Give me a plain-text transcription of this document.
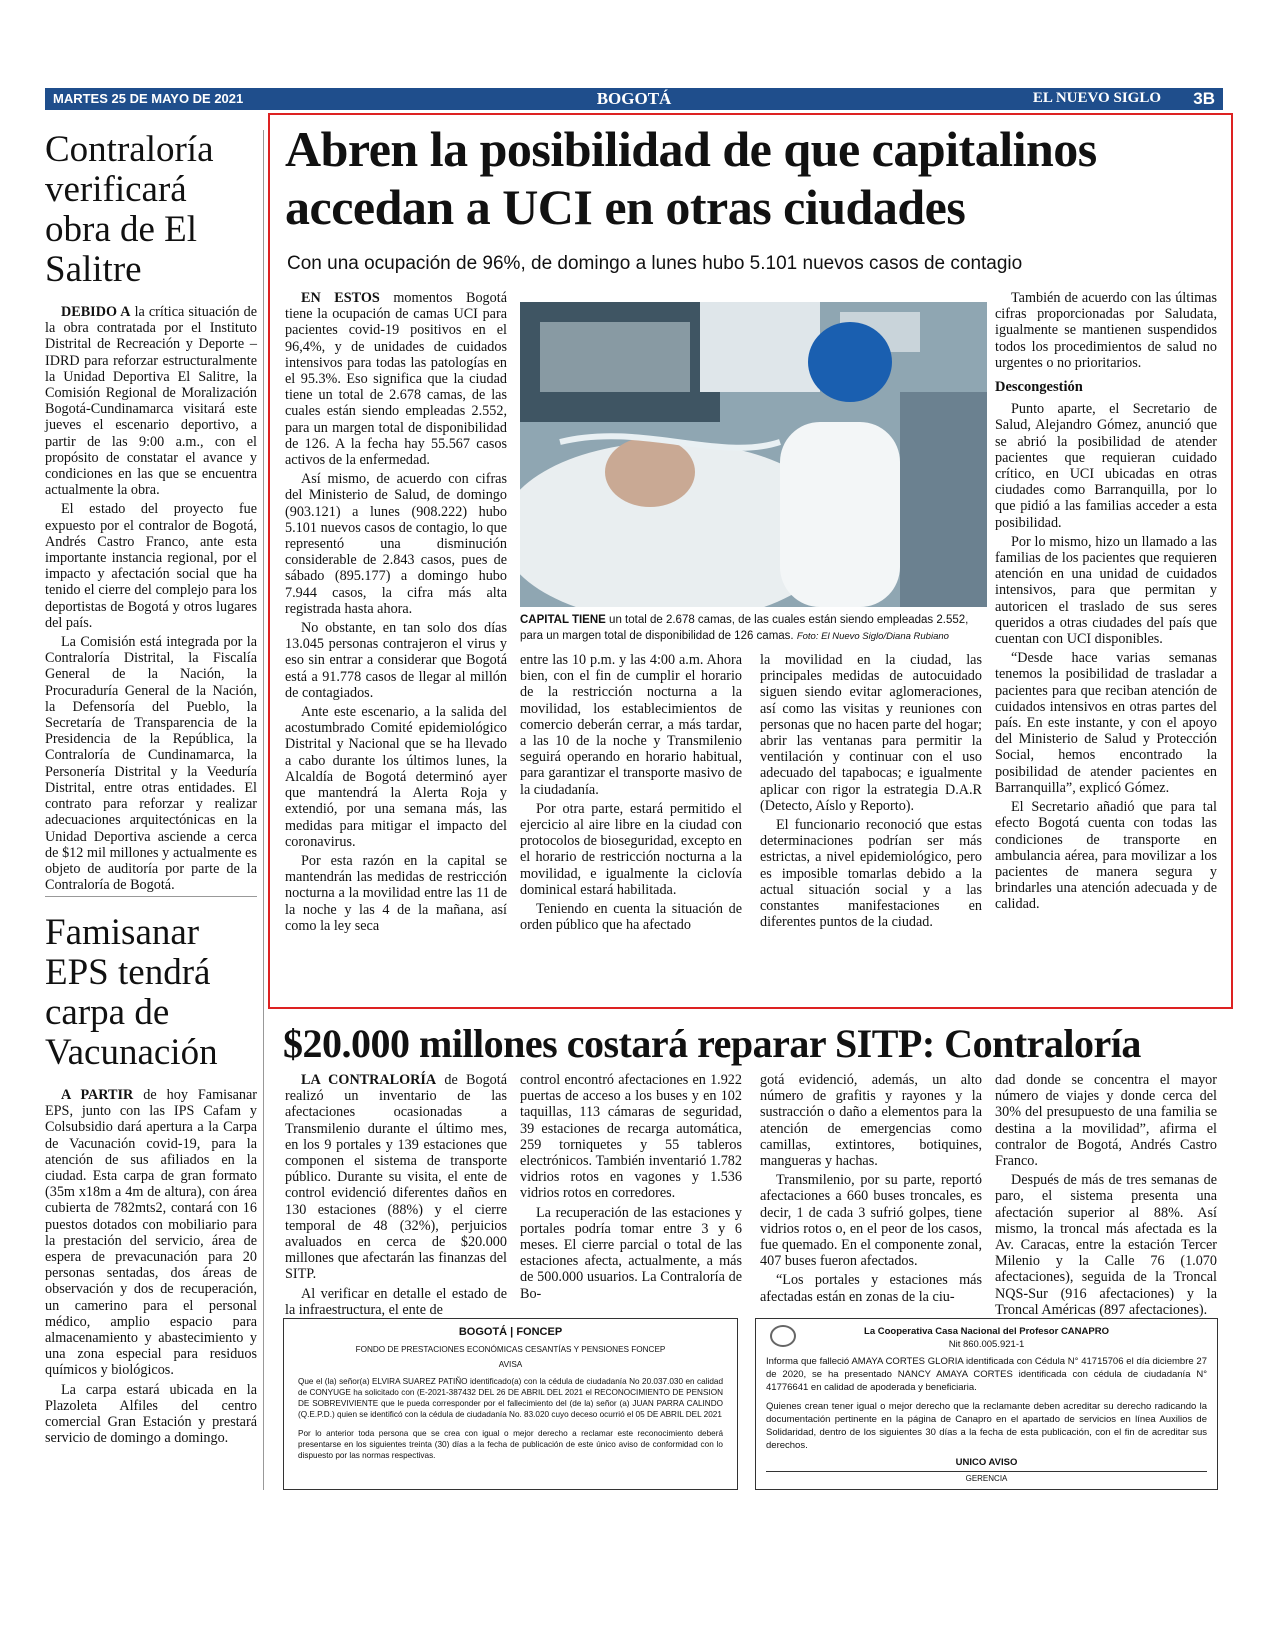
MARTES 25 DE MAYO DE 2021	BOGOTÁ	EL NUEVO SIGLO 3B
Contraloría verificará obra de El Salitre

DEBIDO A la crítica situación de la obra contratada por el Instituto Distrital de Recreación y Deporte – IDRD para reforzar estructuralmente la Unidad Deportiva El Salitre, la Comisión Regional de Moralización Bogotá-Cundinamarca visitará este jueves el escenario deportivo, a partir de las 9:00 a.m., con el propósito de constatar el avance y condiciones en las que se encuentra actualmente la obra.

El estado del proyecto fue expuesto por el contralor de Bogotá, Andrés Castro Franco, ante esta importante instancia regional, por el impacto y afectación social que ha tenido el cierre del complejo para los deportistas de Bogotá y otros lugares del país.

La Comisión está integrada por la Contraloría Distrital, la Fiscalía General de la Nación, la Procuraduría General de la Nación, la Defensoría del Pueblo, la Secretaría de Transparencia de la Presidencia de la República, la Contraloría de Cundinamarca, la Personería Distrital y la Veeduría Distrital, entre otras entidades. El contrato para reforzar y realizar adecuaciones arquitectónicas en la Unidad Deportiva asciende a cerca de $12 mil millones y actualmente es objeto de auditoría por parte de la Contraloría de Bogotá.

Famisanar EPS tendrá carpa de Vacunación

A PARTIR de hoy Famisanar EPS, junto con las IPS Cafam y Colsubsidio dará apertura a la Carpa de Vacunación covid-19, para la atención de sus afiliados en la ciudad. Esta carpa de gran formato (35m x18m a 4m de altura), con área cubierta de 782mts2, contará con 16 puestos dotados con mobiliario para la prestación del servicio, área de espera de prevacunación para 20 personas sentadas, dos áreas de observación y dos de recuperación, un camerino para el personal médico, amplio espacio para almacenamiento y abastecimiento y una zona especial para residuos químicos y biológicos.

La carpa estará ubicada en la Plazoleta Alfiles del centro comercial Gran Estación y prestará servicio de domingo a domingo.

Abren la posibilidad de que capitalinos accedan a UCI en otras ciudades
Con una ocupación de 96%, de domingo a lunes hubo 5.101 nuevos casos de contagio

EN ESTOS momentos Bogotá tiene la ocupación de camas UCI para pacientes covid-19 positivos en el 96,4%, y de unidades de cuidados intensivos para todas las patologías en el 95.3%. Eso significa que la ciudad tiene un total de 2.678 camas, de las cuales están siendo empleadas 2.552, para un margen total de disponibilidad de 126. A la fecha hay 55.567 casos activos de la enfermedad.

Así mismo, de acuerdo con cifras del Ministerio de Salud, de domingo (903.121) a lunes (908.222) hubo 5.101 nuevos casos de contagio, lo que representó una disminución considerable de 2.843 casos, pues de sábado (895.177) a domingo hubo 7.944 casos, la cifra más alta registrada hasta ahora.

No obstante, en tan solo dos días 13.045 personas contrajeron el virus y eso sin entrar a considerar que Bogotá está a 91.778 casos de llegar al millón de contagiados.

Ante este escenario, a la salida del acostumbrado Comité epidemiológico Distrital y Nacional que se ha llevado a cabo durante los últimos lunes, la Alcaldía de Bogotá determinó ayer que mantendrá la Alerta Roja y extendió, por una semana más, las medidas para mitigar el impacto del coronavirus.

Por esta razón en la capital se mantendrán las medidas de restricción nocturna a la movilidad entre las 11 de la noche y las 4 de la mañana, así como la ley seca

CAPITAL TIENE un total de 2.678 camas, de las cuales están siendo empleadas 2.552, para un margen total de disponibilidad de 126 camas. Foto: El Nuevo Siglo/Diana Rubiano

entre las 10 p.m. y las 4:00 a.m. Ahora bien, con el fin de cumplir el horario de la restricción nocturna a la movilidad, los establecimientos de comercio deberán cerrar, a más tardar, a las 10 de la noche y Transmilenio seguirá operando en horario habitual, para garantizar el transporte masivo de la ciudadanía.

Por otra parte, estará permitido el ejercicio al aire libre en la ciudad con protocolos de bioseguridad, excepto en el horario de restricción nocturna a la movilidad, e igualmente la ciclovía dominical estará habilitada.

Teniendo en cuenta la situación de orden público que ha afectado

la movilidad en la ciudad, las principales medidas de autocuidado siguen siendo evitar aglomeraciones, así como las visitas y reuniones con personas que no hacen parte del hogar; abrir las ventanas para permitir la ventilación y continuar con el uso adecuado del tapabocas; e igualmente aplicar con rigor la estrategia D.A.R (Detecto, Aíslo y Reporto).

El funcionario reconoció que estas determinaciones podrían ser más estrictas, a nivel epidemiológico, pero es imposible tomarlas debido a la actual situación social y a las constantes manifestaciones en diferentes puntos de la ciudad.

También de acuerdo con las últimas cifras proporcionadas por Saludata, igualmente se mantienen suspendidos todos los procedimientos de salud no urgentes o no prioritarios.

Descongestión

Punto aparte, el Secretario de Salud, Alejandro Gómez, anunció que se abrió la posibilidad de atender pacientes que requieran cuidado crítico, en UCI ubicadas en otras ciudades como Barranquilla, por lo que pidió a las familias acceder a esta posibilidad.

Por lo mismo, hizo un llamado a las familias de los pacientes que requieren atención en una unidad de cuidados intensivos, para que permitan y autoricen el traslado de sus seres queridos a otras ciudades del país que cuentan con UCI disponibles.

“Desde hace varias semanas tenemos la posibilidad de trasladar a pacientes para que reciban atención de cuidados intensivos en otras partes del país. En este instante, y con el apoyo del Ministerio de Salud y Protección Social, hemos encontrado la posibilidad de atender pacientes en Barranquilla”, explicó Gómez.

El Secretario añadió que para tal efecto Bogotá cuenta con todas las condiciones de transporte en ambulancia aérea, para movilizar a los pacientes de manera segura y brindarles una atención adecuada y de calidad.

$20.000 millones costará reparar SITP: Contraloría

LA CONTRALORÍA de Bogotá realizó un inventario de las afectaciones ocasionadas a Transmilenio durante el último mes, en los 9 portales y 139 estaciones que componen el sistema de transporte público. Durante su visita, el ente de control evidenció diferentes daños en 130 estaciones (88%) y el cierre temporal de 48 (32%), perjuicios avaluados en cerca de $20.000 millones que afectarán las finanzas del SITP.

Al verificar en detalle el estado de la infraestructura, el ente de

control encontró afectaciones en 1.922 puertas de acceso a los buses y en 102 taquillas, 113 cámaras de seguridad, 39 estaciones de recarga automática, 259 torniquetes y 55 tableros electrónicos. También inventarió 1.782 vidrios rotos en vagones y 1.536 vidrios rotos en corredores.

La recuperación de las estaciones y portales podría tomar entre 3 y 6 meses. El cierre parcial o total de las estaciones afecta, actualmente, a más de 500.000 usuarios. La Contraloría de Bo-

gotá evidenció, además, un alto número de grafitis y rayones y la sustracción o daño a elementos para la atención de emergencias como camillas, extintores, botiquines, mangueras y hachas.

Transmilenio, por su parte, reportó afectaciones a 660 buses troncales, es decir, 1 de cada 3 sufrió golpes, tiene vidrios rotos o, en el peor de los casos, fue quemado. En el componente zonal, 407 buses fueron afectados.

“Los portales y estaciones más afectadas están en zonas de la ciu-

dad donde se concentra el mayor número de viajes y donde cerca del 30% del presupuesto de una familia se destina a la movilidad”, afirma el contralor de Bogotá, Andrés Castro Franco.

Después de más de tres semanas de paro, el sistema presenta una afectación superior al 88%. Así mismo, la troncal más afectada es la Av. Caracas, entre la estación Tercer Milenio y la Calle 76 (1.070 afectaciones), seguida de la Troncal NQS-Sur (916 afectaciones) y la Troncal Américas (897 afectaciones).

BOGOTÁ | FONCEP
FONDO DE PRESTACIONES ECONÓMICAS CESANTÍAS Y PENSIONES FONCEP
AVISA
Que el (la) señor(a) ELVIRA SUAREZ PATIÑO identificado(a) con la cédula de ciudadanía No 20.037.030 en calidad de CONYUGE ha solicitado con (E-2021-387432 DEL 26 DE ABRIL DEL 2021 el RECONOCIMIENTO DE PENSION DE SOBREVIVIENTE que le pueda corresponder por el fallecimiento del (de la) señor (a) JUAN PARRA CALINDO (Q.E.P.D.) quien se identificó con la cédula de ciudadanía No. 83.020 cuyo deceso ocurrió el 05 DE ABRIL DEL 2021
Por lo anterior toda persona que se crea con igual o mejor derecho a reclamar este reconocimiento deberá presentarse en los siguientes treinta (30) días a la fecha de publicación de este único aviso de conformidad con lo dispuesto por las normas respectivas.
La Cooperativa Casa Nacional del Profesor CANAPRO
Nit 860.005.921-1
Informa que falleció AMAYA CORTES GLORIA identificada con Cédula N° 41715706 el día diciembre 27 de 2020, se ha presentado NANCY AMAYA CORTES identificada con cédula de ciudadanía N° 41776641 en calidad de apoderada y beneficiaria.
Quienes crean tener igual o mejor derecho que la reclamante deben acreditar su derecho radicando la documentación pertinente en la página de Canapro en el apartado de servicios en línea Auxilios de Solidaridad, dentro de los siguientes 30 días a la fecha de esta publicación, con el fin de acreditar sus derechos.
UNICO AVISO
GERENCIA
